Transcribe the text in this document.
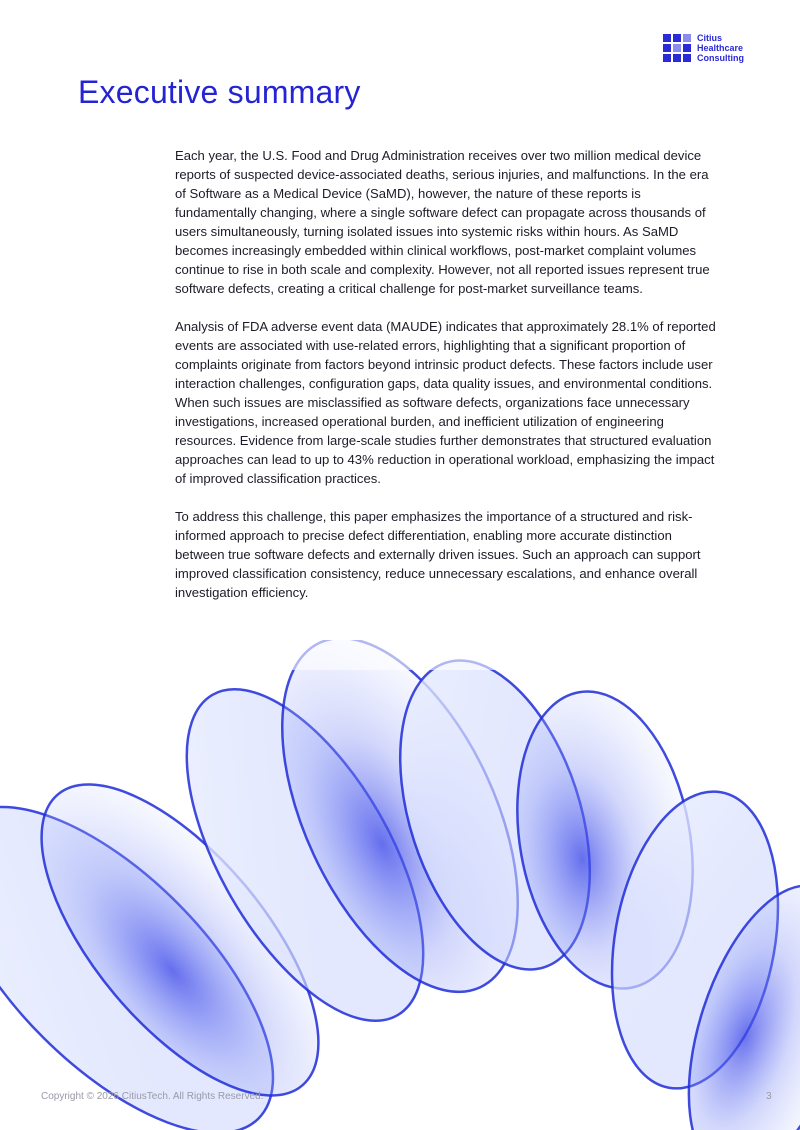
Citius
Healthcare
Consulting
Executive summary

Each year, the U.S. Food and Drug Administration receives over two million medical device reports of suspected device-associated deaths, serious injuries, and malfunctions. In the era of Software as a Medical Device (SaMD), however, the nature of these reports is fundamentally changing, where a single software defect can propagate across thousands of users simultaneously, turning isolated issues into systemic risks within hours. As SaMD becomes increasingly embedded within clinical workflows, post-market complaint volumes continue to rise in both scale and complexity. However, not all reported issues represent true software defects, creating a critical challenge for post-market surveillance teams.

Analysis of FDA adverse event data (MAUDE) indicates that approximately 28.1% of reported events are associated with use-related errors, highlighting that a significant proportion of complaints originate from factors beyond intrinsic product defects. These factors include user interaction challenges, configuration gaps, data quality issues, and environmental conditions. When such issues are misclassified as software defects, organizations face unnecessary investigations, increased operational burden, and inefficient utilization of engineering resources. Evidence from large-scale studies further demonstrates that structured evaluation approaches can lead to up to 43% reduction in operational workload, emphasizing the impact of improved classification practices.

To address this challenge, this paper emphasizes the importance of a structured and risk-informed approach to precise defect differentiation, enabling more accurate distinction between true software defects and externally driven issues. Such an approach can support improved classification consistency, reduce unnecessary escalations, and enhance overall investigation efficiency.

Copyright © 2026 CitiusTech. All Rights Reserved.	3
